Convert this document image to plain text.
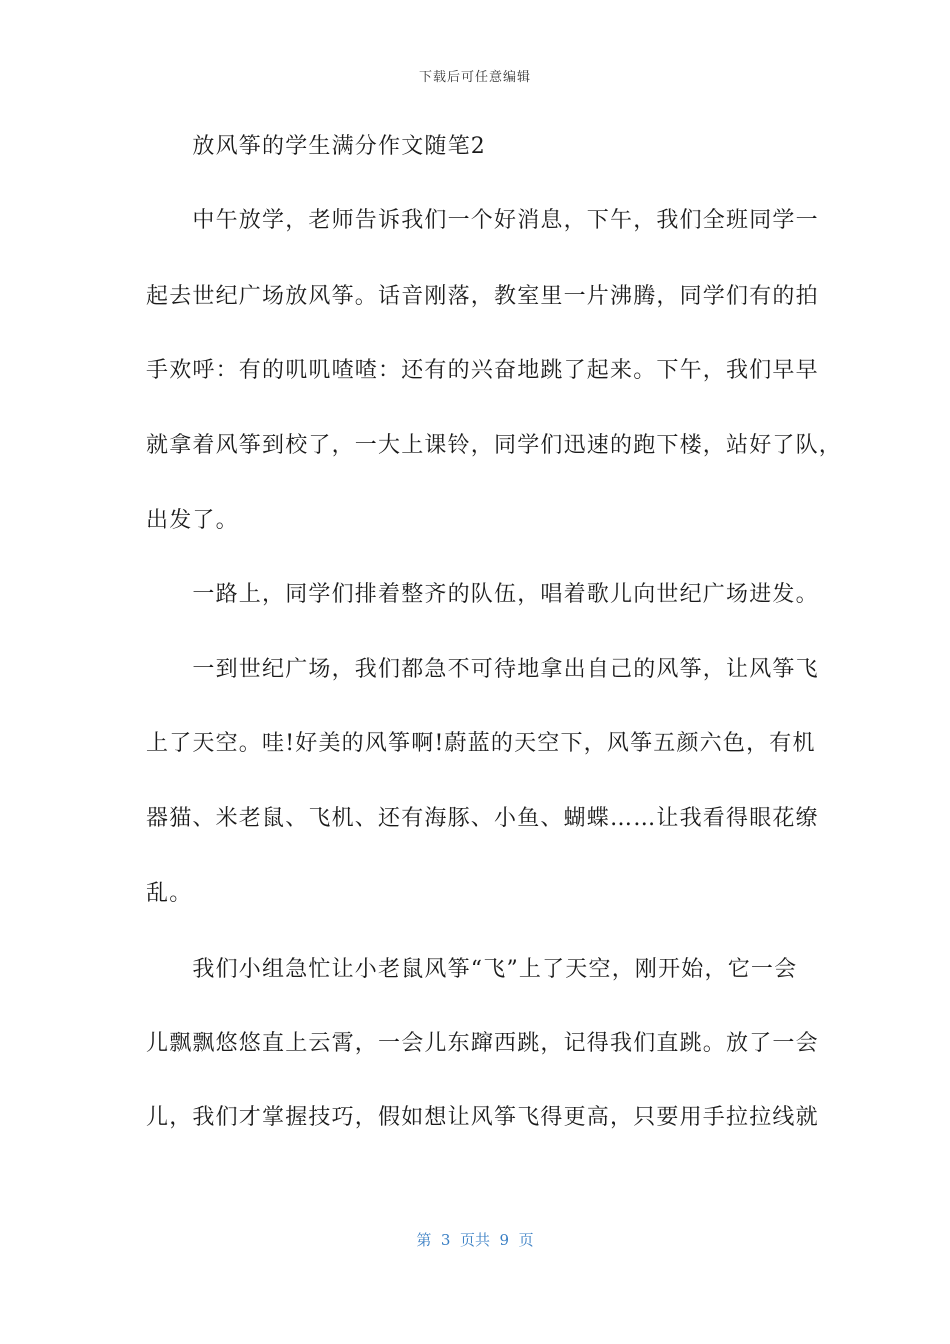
下载后可任意编辑
　　放风筝的学生满分作文随笔2
　　中午放学，老师告诉我们一个好消息，下午，我们全班同学一
起去世纪广场放风筝。话音刚落，教室里一片沸腾，同学们有的拍
手欢呼：有的叽叽喳喳：还有的兴奋地跳了起来。下午，我们早早
就拿着风筝到校了，一大上课铃，同学们迅速的跑下楼，站好了队，
出发了。
　　一路上，同学们排着整齐的队伍，唱着歌儿向世纪广场进发。
　　一到世纪广场，我们都急不可待地拿出自己的风筝，让风筝飞
上了天空。哇!好美的风筝啊!蔚蓝的天空下，风筝五颜六色，有机
器猫、米老鼠、飞机、还有海豚、小鱼、蝴蝶……让我看得眼花缭
乱。
　　我们小组急忙让小老鼠风筝“飞”上了天空，刚开始，它一会
儿飘飘悠悠直上云霄，一会儿东蹿西跳，记得我们直跳。放了一会
儿，我们才掌握技巧，假如想让风筝飞得更高，只要用手拉拉线就
第  3  页共  9  页
